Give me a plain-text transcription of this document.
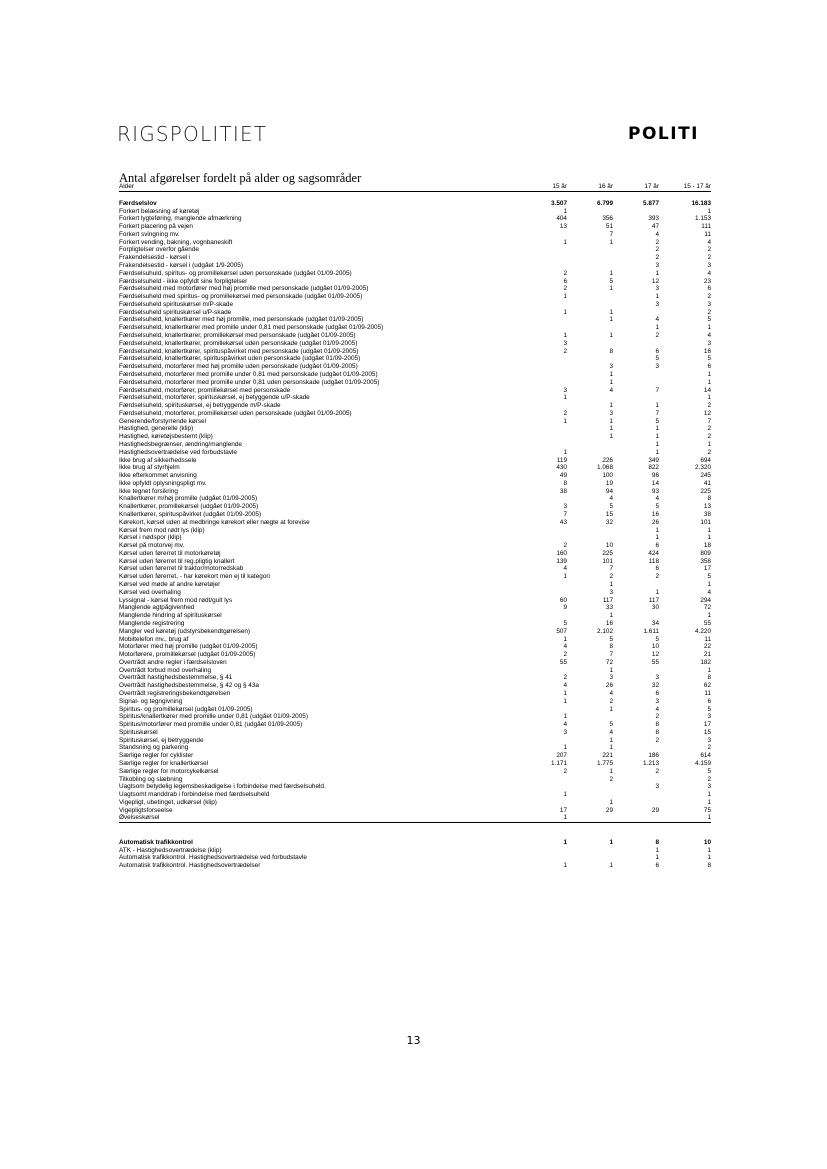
RIGSPOLITIET	POLITI
Antal afgørelser fordelt på alder og sagsområder
Alder	15 år	16 år	17 år	15 - 17 år

Færdselslov	3.507	6.799	5.877	16.183
Forkert belæsning af køretøj	1			1
Forkert lygteføring, manglende afmærkning	404	356	393	1.153
Forkert placering på vejen	13	51	47	111
Forkert svingning mv.		7	4	11
Forkert vending, bakning, vognbaneskift	1	1	2	4
Forpligtelser overfor gående			2	2
Frakendelsestid - kørsel i			2	2
Frakendelsestid - kørsel i (udgået 1/9-2005)			3	3
Færdselsuhuld, spiritus- og promillekørsel uden personskade (udgået 01/09-2005)	2	1	1	4
Færdselsuheld - ikke opfyldt sine forpligtelser	6	5	12	23
Færdselsuheld med motorfører med høj promille med personskade (udgået 01/09-2005)	2	1	3	6
Færdselsuheld med spiritus- og promillekørsel med personskade (udgået 01/09-2005)	1		1	2
Færdselsuheld spirituskørsel m/P-skade			3	3
Færdselsuheld spirituskørsel u/P-skade	1	1		2
Færdselsuheld, knallertkører med høj promille, med personskade (udgået 01/09-2005)		1	4	5
Færdselsuheld, knallertkører med promille under 0,81 med personskade (udgået 01/09-2005)			1	1
Færdselsuheld, knallertkører, promillekørsel med personskade (udgået 01/09-2005)	1	1	2	4
Færdselsuheld, knallertkører, promillekørsel uden personskade (udgået 01/09-2005)	3			3
Færdselsuheld, knallertkører, spirituspåvirket med personskade (udgået 01/09-2005)	2	8	6	16
Færdselsuheld, knallertkører, spirituspåvirket uden personskade (udgået 01/09-2005)			5	5
Færdselsuheld, motorfører med høj promille uden personskade (udgået 01/09-2005)		3	3	6
Færdselsuheld, motorfører med promille under 0,81 med personskade (udgået 01/09-2005)		1		1
Færdselsuheld, motorfører med promille under 0,81 uden personskade (udgået 01/09-2005)		1		1
Færdselsuheld, motorfører, promillekørsel med personskade	3	4	7	14
Færdselsuheld, motorfører, spirituskørsel, ej betyggende u/P-skade	1			1
Færdselsuheld, spirituskørsel, ej betryggende m/P-skade		1	1	2
Færdselsuheld, motorfører, promillekørsel uden personskade (udgået 01/09-2005)	2	3	7	12
Generende/forstyrrende kørsel	1	1	5	7
Hastighed, generelle (klip)		1	1	2
Hastighed, køretøjsbestemt (klip)		1	1	2
Hastighedsbegrænser, ændring/manglende			1	1
Hastighedsovertrædelse ved forbudstavle	1		1	2
Ikke brug af sikkerhedssele	119	226	349	694
Ikke brug af styrhjelm	430	1.068	822	2.320
Ikke efterkommet anvisning	49	100	96	245
Ikke opfyldt oplysningspligt mv.	8	19	14	41
Ikke tegnet forsikring	38	94	93	225
Knallertkører m/høj promille (udgået 01/09-2005)		4	4	8
Knallertkører, promillekørsel (udgået 01/09-2005)	3	5	5	13
Knallertkører, spirituspåvirket (udgået 01/09-2005)	7	15	16	38
Kørekort, kørsel uden at medbringe kørekort eller nægte at forevise	43	32	26	101
Kørsel frem mod rødt lys (klip)			1	1
Kørsel i nødspor (klip)			1	1
Kørsel på motorvej mv.	2	10	6	18
Kørsel uden førerret til motorkøretøj	160	225	424	809
Kørsel uden førerret til reg.pligtig knallert	139	101	118	358
Kørsel uden førerret til traktor/motorredskab	4	7	6	17
Kørsel uden førerret, - har kørekort men ej til kategori	1	2	2	5
Kørsel ved møde af andre køretøjer		1		1
Kørsel ved overhaling		3	1	4
Lyssignal - kørsel frem mod rødt/gult lys	60	117	117	294
Manglende agtpågivenhed	9	33	30	72
Manglende hindring af spirituskørsel		1		1
Manglende registrering	5	16	34	55
Mangler ved køretøj (udstyrsbekendtgørelsen)	507	2.102	1.611	4.220
Mobiltelefon mv., brug af	1	5	5	11
Motorfører med høj promille (udgået 01/09-2005)	4	8	10	22
Motorførere, promillekørsel (udgået 01/09-2005)	2	7	12	21
Overtrådt andre regler i færdselsloven	55	72	55	182
Overtrådt forbud mod overhaling		1		1
Overtrådt hastighedsbestemmelse, § 41	2	3	3	8
Overtrådt hastighedsbestemmelse, § 42 og § 43a	4	26	32	62
Overtrådt registreringsbekendtgørelsen	1	4	6	11
Signal- og tegngivning	1	2	3	6
Spiritus- og promillekørsel (udgået 01/09-2005)		1	4	5
Spiritus/knallertkører med promille under 0,81 (udgået 01/09-2005)	1		2	3
Spiritus/motorfører med promille under 0,81 (udgået 01/09-2005)	4	5	8	17
Spirituskørsel	3	4	8	15
Spirituskørsel, ej betryggende		1	2	3
Standsning og parkering	1	1		2
Særlige regler for cyklister	207	221	186	614
Særlige regler for knallertkørsel	1.171	1.775	1.213	4.159
Særlige regler for motorcykelkørsel	2	1	2	5
Tilkobling og slæbning		2		2
Uagtsom betydelig legemsbeskadigelse i forbindelse med færdselsuheld.			3	3
Uagtsomt manddrab i forbindelse med færdselsuheld	1			1
Vigepligt, ubetinget, udkørsel (klip)		1		1
Vigepligtsforseelse	17	29	29	75
Øvelseskørsel	1			1

Automatisk trafikkontrol	1	1	8	10
ATK - Hastighedsovertrædelse (klip)			1	1
Automatisk trafikkontrol. Hastighedsovertrædelse ved forbudstavle			1	1
Automatisk trafikkontrol. Hastighedsovertrædelser	1	1	6	8
13
